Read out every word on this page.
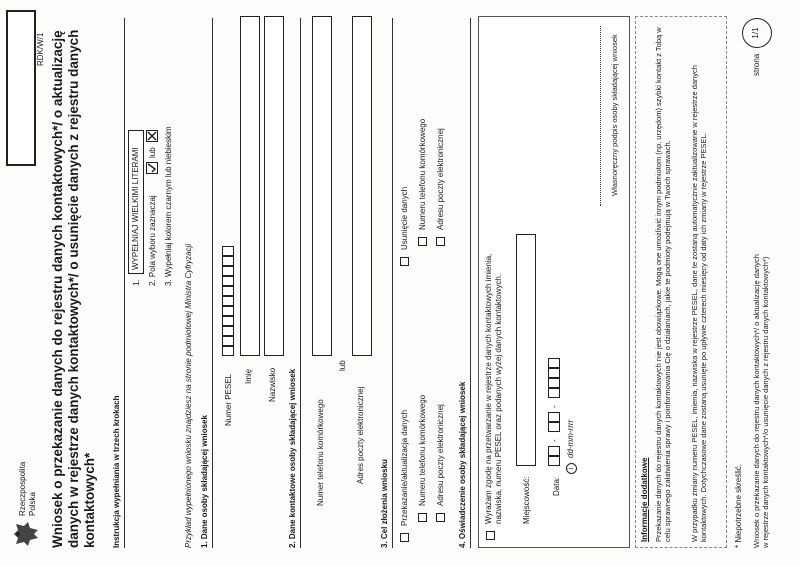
Rzeczpospolita Polska
RDK/W/1 Wniosek o przekazanie danych do rejestru danych kontaktowych*/ o aktualizację danych w rejestrze danych kontaktowych*/ o usunięcie danych z rejestru danych kontaktowych* Instrukcja wypełniania w trzech krokach
1.
WYPEŁNIAJ WIELKIMI LITERAMI 2. Pola wyboru zaznaczaj
lub 3. Wypełniaj kolorem czarnym lub niebieskim
Przykład wypełnionego wniosku znajdziesz na stronie podmiotowej Ministra Cyfryzacji 1. Dane osoby składającej wniosek
Numer PESEL Imię Nazwisko 2. Dane kontaktowe osoby składającej wniosek Numer telefonu komórkowego
lub
Adres poczty elektronicznej
3. Cel złożenia wniosku Przekazanie/aktualizacja danych Numeru telefonu komórkowego Adresu poczty elektronicznej
Usunięcie danych Numeru telefonu komórkowego Adresu poczty elektronicznej
4. Oświadczenie osoby składającej wniosek Wyrażam zgodę na przetwarzanie w rejestrze danych kontaktowych imienia, nazwiska, numeru PESEL oraz podanych wyżej danych kontaktowych. Miejscowość:	Data:
-
-
i
dd-mm-rrrr
Własnoręczny podpis osoby składającej wniosek
Informacje dodatkowe Przekazanie danych do rejestru danych kontaktowych nie jest obowiązkowe. Mogą one umożliwić innym podmiotom (np. urzędom) szybki kontakt z Tobą w celu sprawnego załatwienia sprawy i poinformowania Cię o działaniach, jakie te podmioty podejmują w Twoich sprawach. W przypadku zmiany numeru PESEL, imienia, nazwiska w rejestrze PESEL, dane te zostaną automatycznie zaktualizowane w rejestrze danych kontaktowych. Dotychczasowe dane zostaną usunięte po upływie czterech miesięcy od daty ich zmiany w rejestrze PESEL.	* Niepotrzebne skreślić. Wniosek o przekazanie danych do rejestru danych kontaktowych*/ o aktualizację danych w rejestrze danych kontaktowych*/o usunięcie danych z rejestru danych kontaktowych*)
strona
1/1
